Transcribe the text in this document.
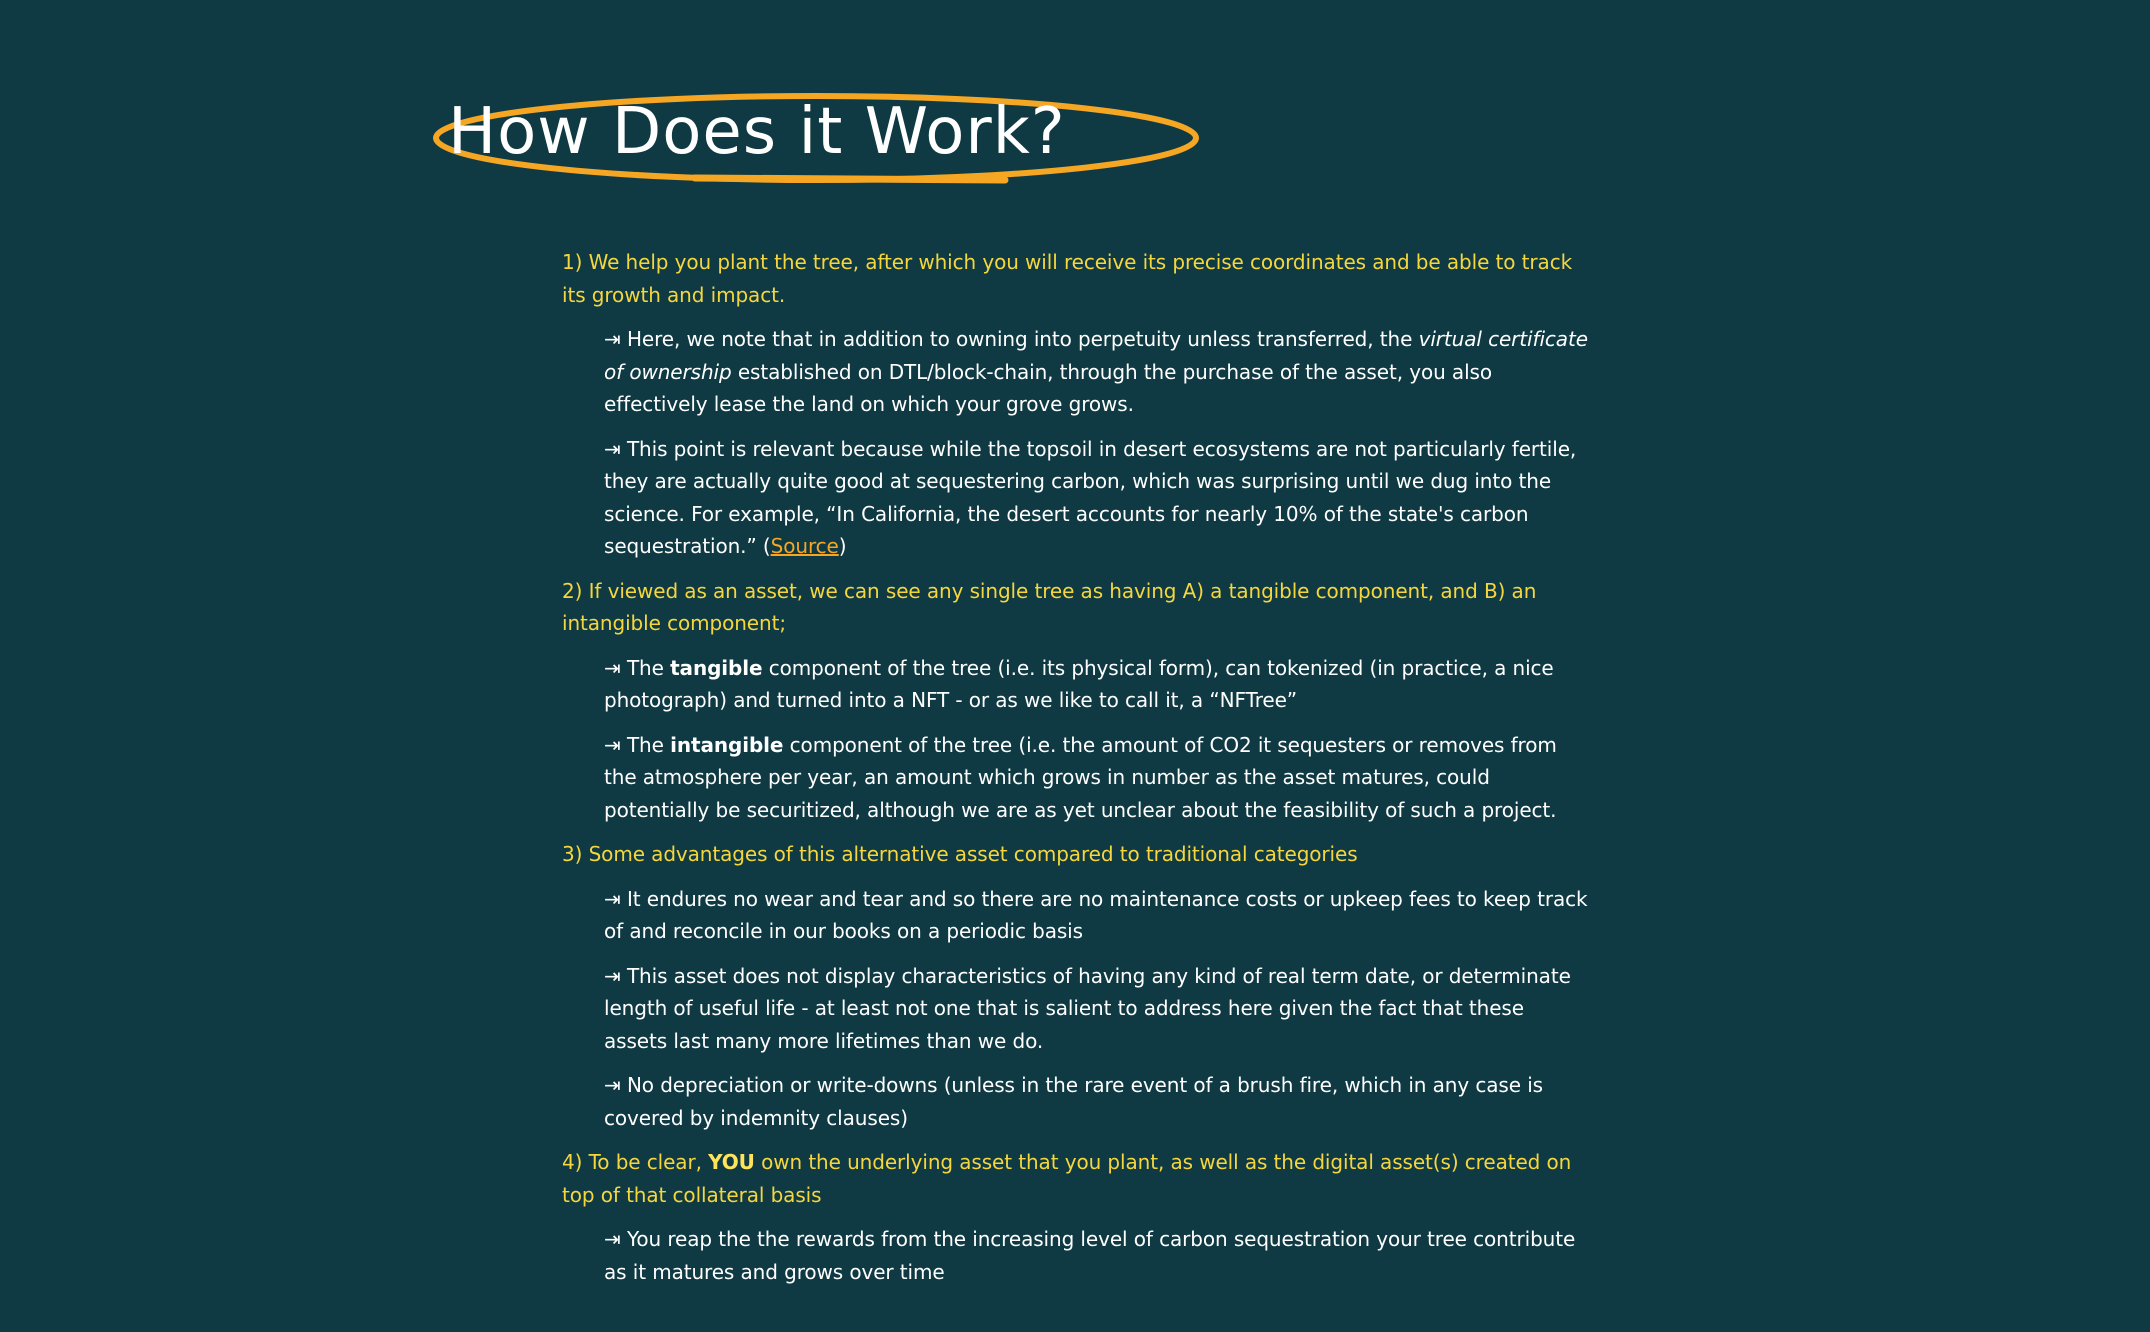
How Does it Work?

1) We help you plant the tree, after which you will receive its precise coordinates and be able to track its growth and impact.

⇥ Here, we note that in addition to owning into perpetuity unless transferred, the virtual certificate of ownership established on DTL/block-chain, through the purchase of the asset, you also effectively lease the land on which your grove grows.

⇥ This point is relevant because while the topsoil in desert ecosystems are not particularly fertile, they are actually quite good at sequestering carbon, which was surprising until we dug into the science. For example, “In California, the desert accounts for nearly 10% of the state's carbon sequestration.” (Source)

2) If viewed as an asset, we can see any single tree as having A) a tangible component, and B) an intangible component;

⇥ The tangible component of the tree (i.e. its physical form), can tokenized (in practice, a nice photograph) and turned into a NFT - or as we like to call it, a “NFTree”

⇥ The intangible component of the tree (i.e. the amount of CO2 it sequesters or removes from the atmosphere per year, an amount which grows in number as the asset matures, could potentially be securitized, although we are as yet unclear about the feasibility of such a project.

3) Some advantages of this alternative asset compared to traditional categories

⇥ It endures no wear and tear and so there are no maintenance costs or upkeep fees to keep track of and reconcile in our books on a periodic basis

⇥ This asset does not display characteristics of having any kind of real term date, or determinate length of useful life - at least not one that is salient to address here given the fact that these assets last many more lifetimes than we do.

⇥ No depreciation or write-downs (unless in the rare event of a brush fire, which in any case is covered by indemnity clauses)

4) To be clear, YOU own the underlying asset that you plant, as well as the digital asset(s) created on top of that collateral basis

⇥ You reap the the rewards from the increasing level of carbon sequestration your tree contribute as it matures and grows over time
